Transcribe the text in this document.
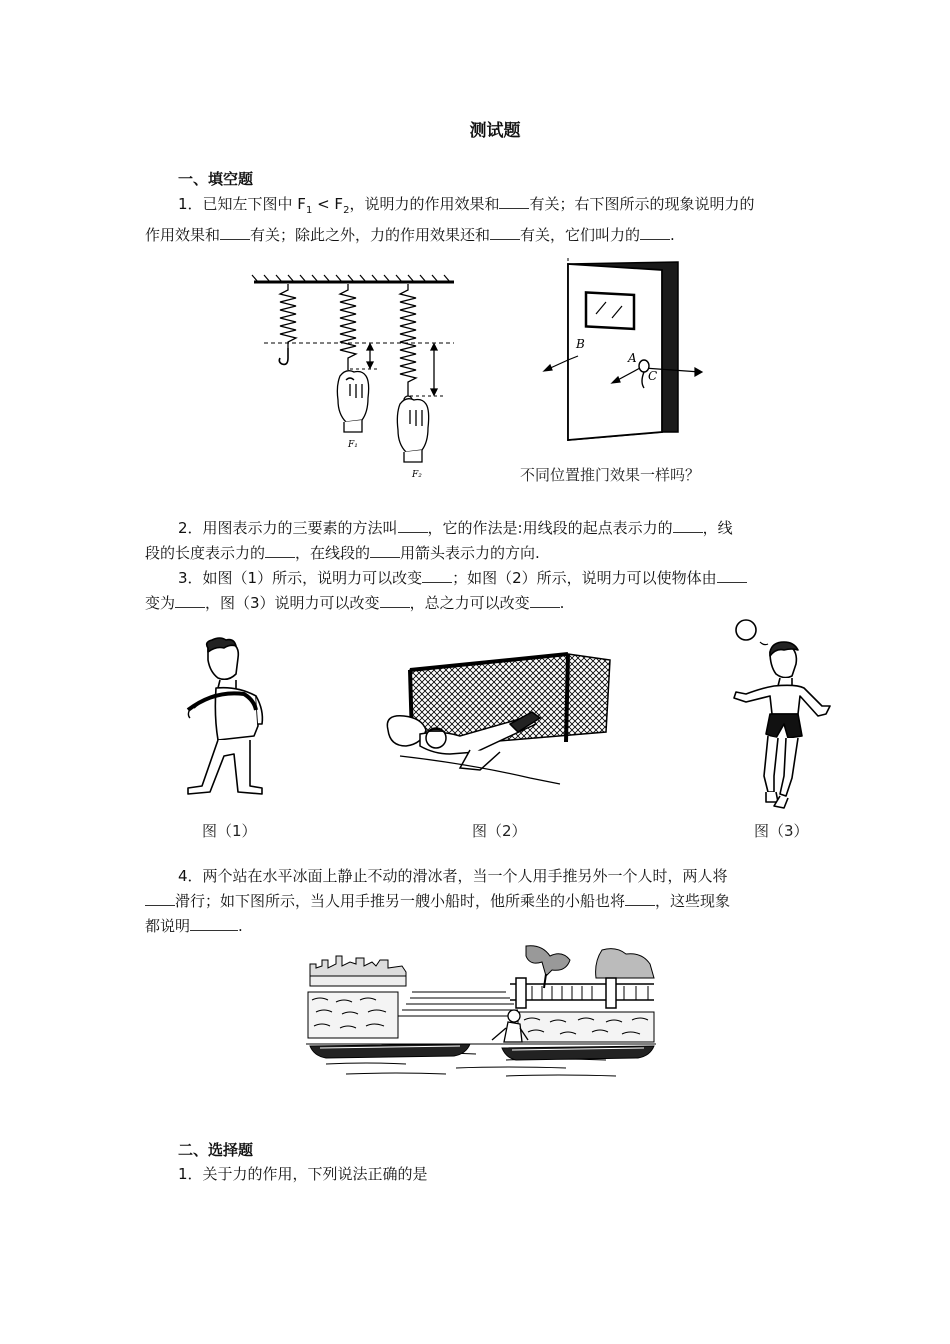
测试题
一、填空题
1．已知左下图中 $F_1 < F_2$，说明力的作用效果和 有关；右下图所示的现象说明力的
作用效果和 有关；除此之外，力的作用效果还和 有关，它们叫力的 .
F₁
F₂
B
A
C
不同位置推门效果一样吗？
2．用图表示力的三要素的方法叫 ，它的作法是:用线段的起点表示力的 ，线
段的长度表示力的 ，在线段的 用箭头表示力的方向.
3．如图（1）所示，说明力可以改变 ；如图（2）所示，说明力可以使物体由
变为 ，图（3）说明力可以改变 ，总之力可以改变 .
图（1）	图（2）	图（3）
4．两个站在水平冰面上静止不动的滑冰者，当一个人用手推另外一个人时，两人将
滑行；如下图所示，当人用手推另一艘小船时，他所乘坐的小船也将 ，这些现象
都说明	.
二、选择题
1．关于力的作用，下列说法正确的是
